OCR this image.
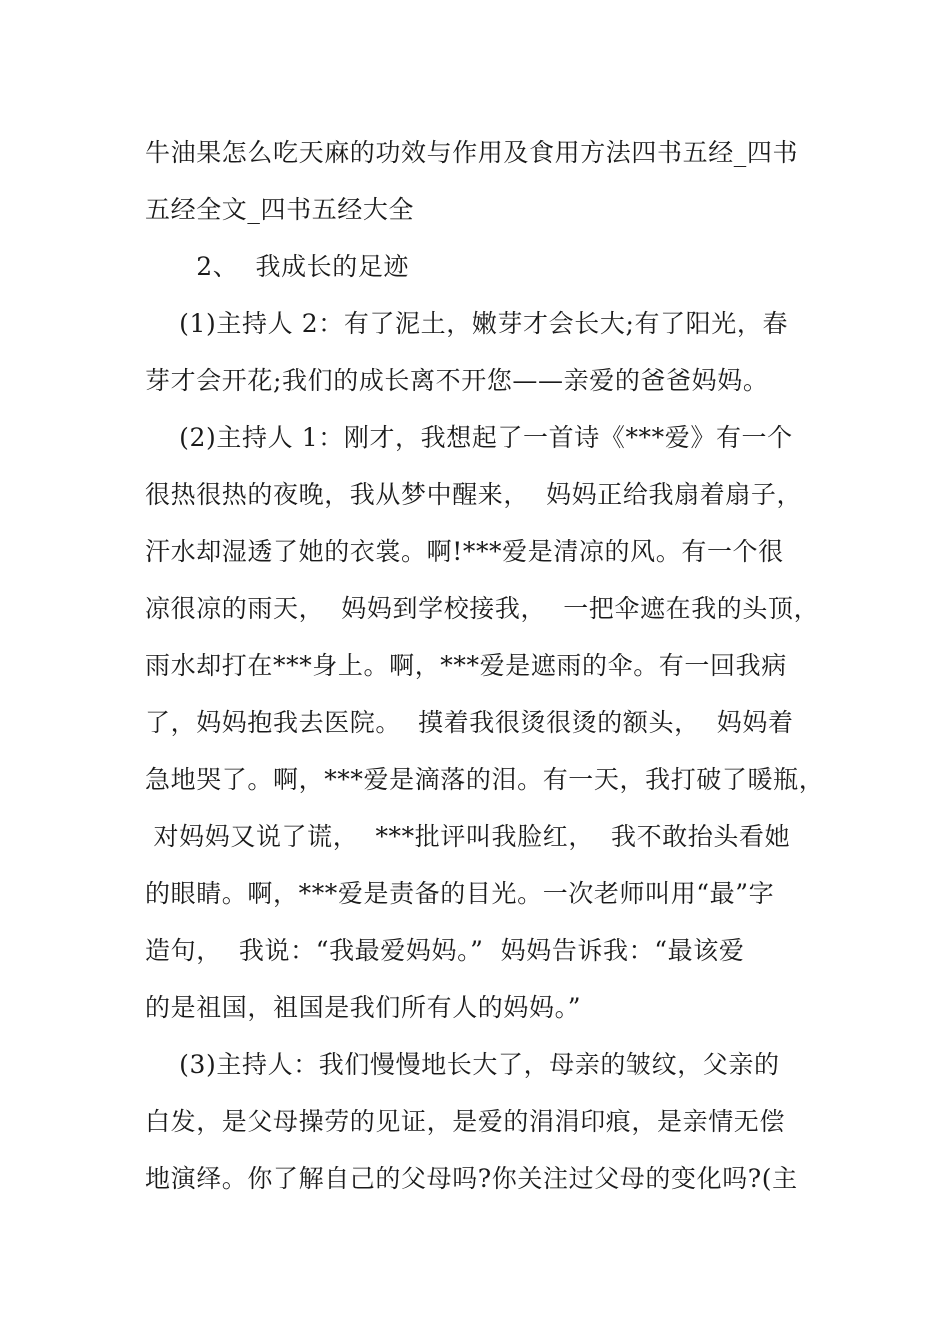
牛油果怎么吃天麻的功效与作用及食用方法四书五经_四书
五经全文_四书五经大全
2、  我成长的足迹
(1)主持人 2：有了泥土，嫩芽才会长大;有了阳光，春
芽才会开花;我们的成长离不开您——亲爱的爸爸妈妈。
(2)主持人 1：刚才，我想起了一首诗《***爱》有一个
很热很热的夜晚，我从梦中醒来，  妈妈正给我扇着扇子，
汗水却湿透了她的衣裳。啊!***爱是清凉的风。有一个很
凉很凉的雨天，  妈妈到学校接我，  一把伞遮在我的头顶，
雨水却打在***身上。啊，***爱是遮雨的伞。有一回我病
了，妈妈抱我去医院。  摸着我很烫很烫的额头，  妈妈着
急地哭了。啊，***爱是滴落的泪。有一天，我打破了暖瓶，
对妈妈又说了谎，  ***批评叫我脸红，  我不敢抬头看她
的眼睛。啊，***爱是责备的目光。一次老师叫用“最”字
造句，  我说：“我最爱妈妈。”  妈妈告诉我：“最该爱
的是祖国，祖国是我们所有人的妈妈。”
(3)主持人：我们慢慢地长大了，母亲的皱纹，父亲的
白发，是父母操劳的见证，是爱的涓涓印痕，是亲情无偿
地演绎。你了解自己的父母吗?你关注过父母的变化吗?(主
